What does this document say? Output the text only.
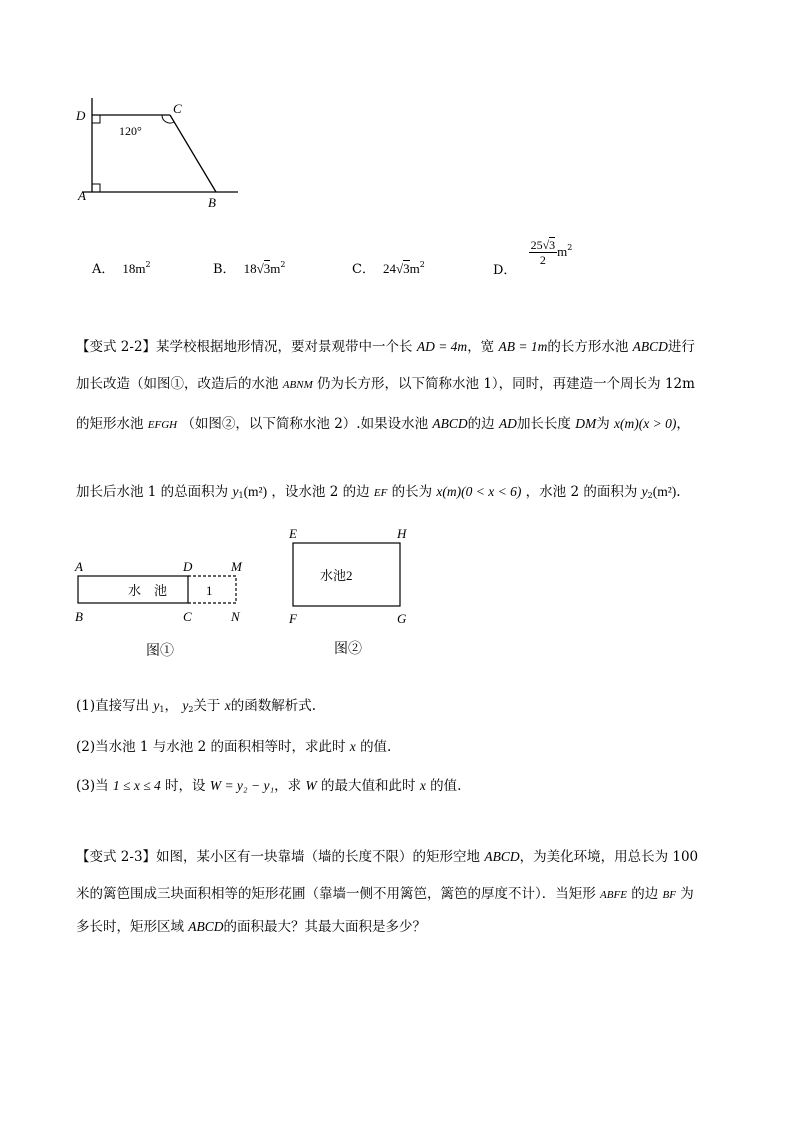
D	C
A	B
120°
A． $18m^2$	B． $18√3m^2$	C． $24√3m^2$	D．
$\frac{25√3}{2} m^2$
【变式 2-2】某学校根据地形情况，要对景观带中一个长 AD = 4m，宽 AB = 1m的长方形水池 ABCD进行
加长改造（如图①，改造后的水池 ABNM 仍为长方形，以下简称水池 1），同时，再建造一个周长为 12m
的矩形水池 EFGH （如图②，以下简称水池 2）.如果设水池 ABCD的边 AD加长长度 DM为 x(m)(x > 0)，
加长后水池 1 的总面积为 $y_1(m^2)$ ，设水池 2 的边 EF 的长为 x(m)(0 < x < 6) ，水池 2 的面积为 $y_2(m^2)$.
A	D	M
B	C	N
水　池	1
图①
E	H
F	G
水池2
图②
(1)直接写出 $y_1$， $y_2$关于 x的函数解析式.
(2)当水池 1 与水池 2 的面积相等时，求此时 x 的值.
(3)当 1 ≤ x ≤ 4 时，设 W = y₂ − y₁，求 W 的最大值和此时 x 的值.
【变式 2-3】如图，某小区有一块靠墙（墙的长度不限）的矩形空地 ABCD，为美化环境，用总长为 100
米的篱笆围成三块面积相等的矩形花圃（靠墙一侧不用篱笆，篱笆的厚度不计）．当矩形 ABFE 的边 BF 为
多长时，矩形区域 ABCD的面积最大？其最大面积是多少？
